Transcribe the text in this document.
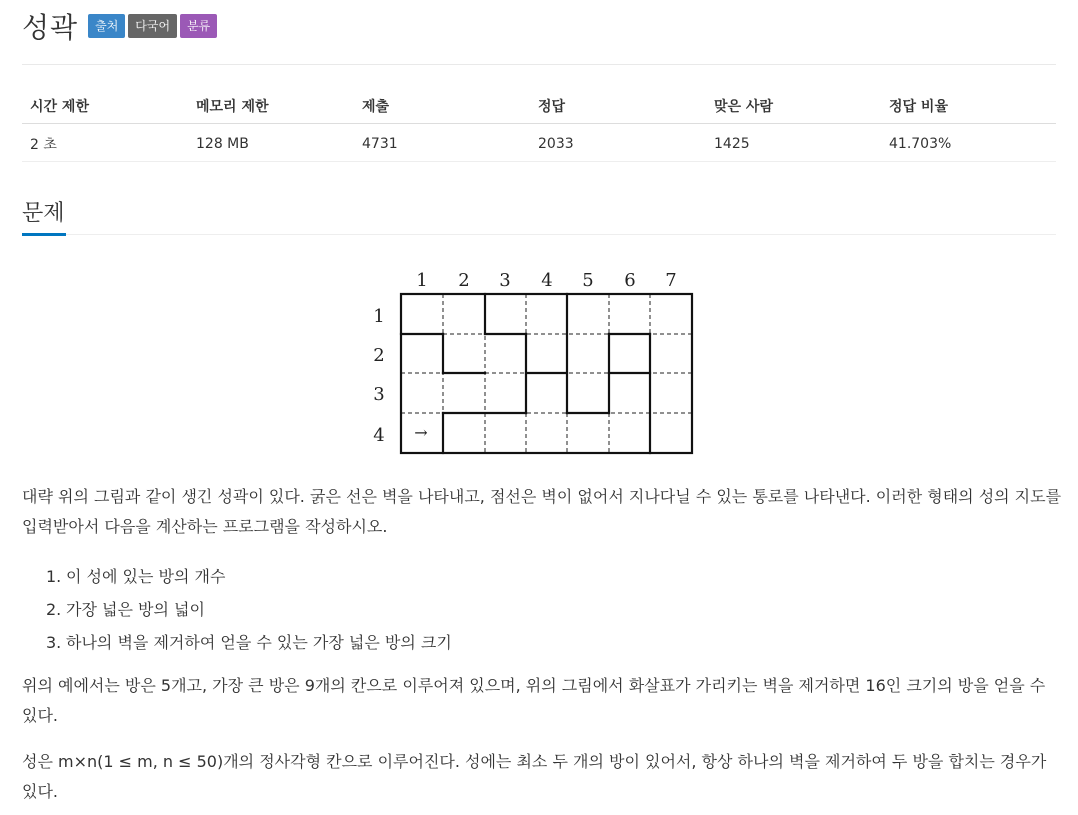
성곽	출처	다국어	분류
시간 제한	메모리 제한	제출	정답	맞은 사람	정답 비율
2 초	128 MB	4731	2033	1425	41.703%
문제
1 2 3 4 5 6 7
1
2
3
4 →
대략 위의 그림과 같이 생긴 성곽이 있다. 굵은 선은 벽을 나타내고, 점선은 벽이 없어서 지나다닐 수 있는 통로를 나타낸다. 이러한 형태의 성의 지도를 입력받아서 다음을 계산하는 프로그램을 작성하시오.
1. 이 성에 있는 방의 개수
2. 가장 넓은 방의 넓이
3. 하나의 벽을 제거하여 얻을 수 있는 가장 넓은 방의 크기
위의 예에서는 방은 5개고, 가장 큰 방은 9개의 칸으로 이루어져 있으며, 위의 그림에서 화살표가 가리키는 벽을 제거하면 16인 크기의 방을 얻을 수 있다.
성은 m×n(1 ≤ m, n ≤ 50)개의 정사각형 칸으로 이루어진다. 성에는 최소 두 개의 방이 있어서, 항상 하나의 벽을 제거하여 두 방을 합치는 경우가 있다.
